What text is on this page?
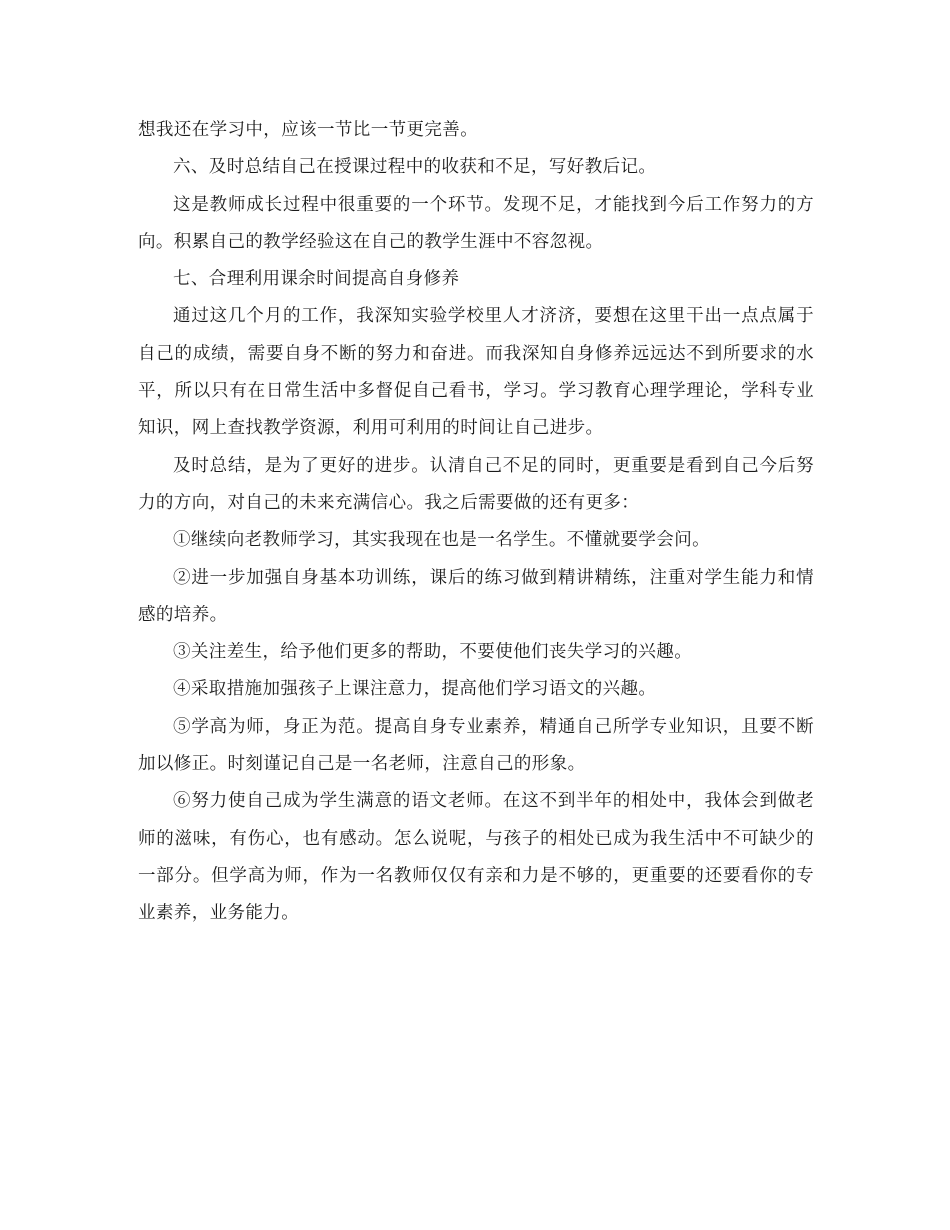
想我还在学习中，应该一节比一节更完善。

六、及时总结自己在授课过程中的收获和不足，写好教后记。

这是教师成长过程中很重要的一个环节。发现不足，才能找到今后工作努力的方向。积累自己的教学经验这在自己的教学生涯中不容忽视。

七、合理利用课余时间提高自身修养

通过这几个月的工作，我深知实验学校里人才济济，要想在这里干出一点点属于自己的成绩，需要自身不断的努力和奋进。而我深知自身修养远远达不到所要求的水平，所以只有在日常生活中多督促自己看书，学习。学习教育心理学理论，学科专业知识，网上查找教学资源，利用可利用的时间让自己进步。

及时总结，是为了更好的进步。认清自己不足的同时，更重要是看到自己今后努力的方向，对自己的未来充满信心。我之后需要做的还有更多：

①继续向老教师学习，其实我现在也是一名学生。不懂就要学会问。

②进一步加强自身基本功训练，课后的练习做到精讲精练，注重对学生能力和情感的培养。

③关注差生，给予他们更多的帮助，不要使他们丧失学习的兴趣。

④采取措施加强孩子上课注意力，提高他们学习语文的兴趣。

⑤学高为师，身正为范。提高自身专业素养，精通自己所学专业知识，且要不断加以修正。时刻谨记自己是一名老师，注意自己的形象。

⑥努力使自己成为学生满意的语文老师。在这不到半年的相处中，我体会到做老师的滋味，有伤心，也有感动。怎么说呢，与孩子的相处已成为我生活中不可缺少的一部分。但学高为师，作为一名教师仅仅有亲和力是不够的，更重要的还要看你的专业素养，业务能力。
